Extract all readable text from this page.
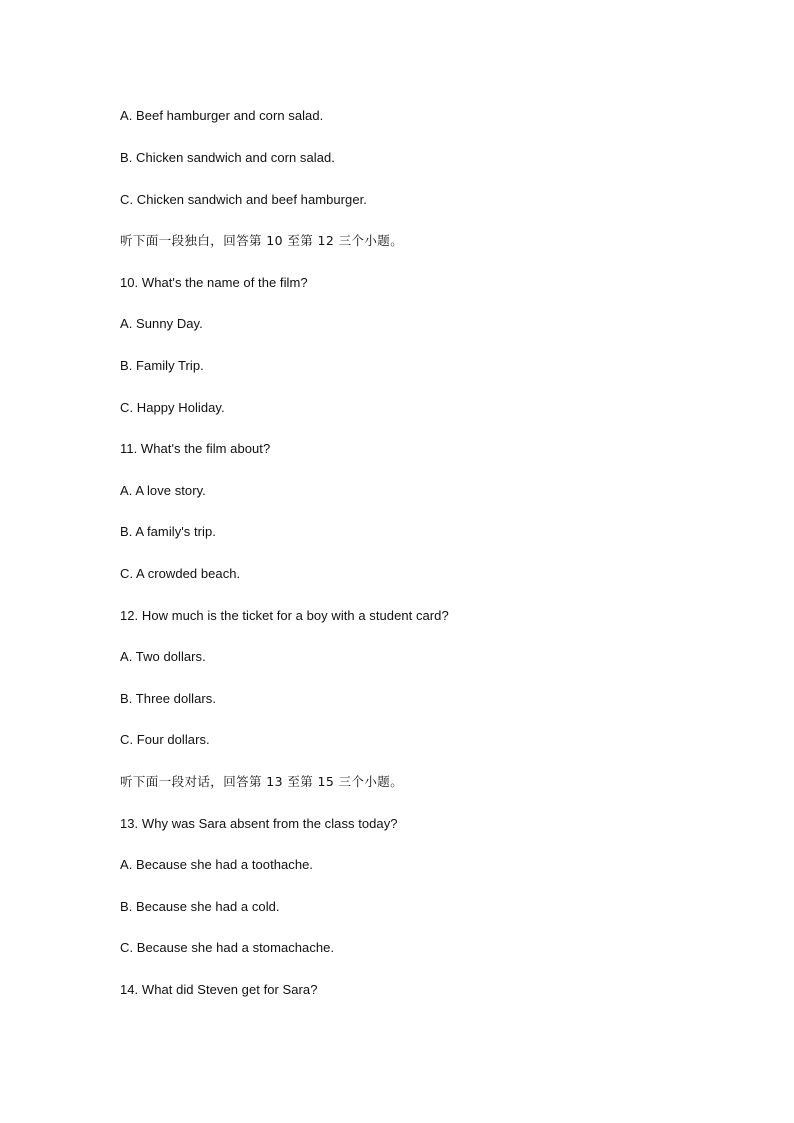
A. Beef hamburger and corn salad.
B. Chicken sandwich and corn salad.
C. Chicken sandwich and beef hamburger.
听下面一段独白，回答第 10 至第 12 三个小题。
10. What's the name of the film?
A. Sunny Day.
B. Family Trip.
C. Happy Holiday.
11. What's the film about?
A. A love story.
B. A family's trip.
C. A crowded beach.
12. How much is the ticket for a boy with a student card?
A. Two dollars.
B. Three dollars.
C. Four dollars.
听下面一段对话，回答第 13 至第 15 三个小题。
13. Why was Sara absent from the class today?
A. Because she had a toothache.
B. Because she had a cold.
C. Because she had a stomachache.
14. What did Steven get for Sara?
